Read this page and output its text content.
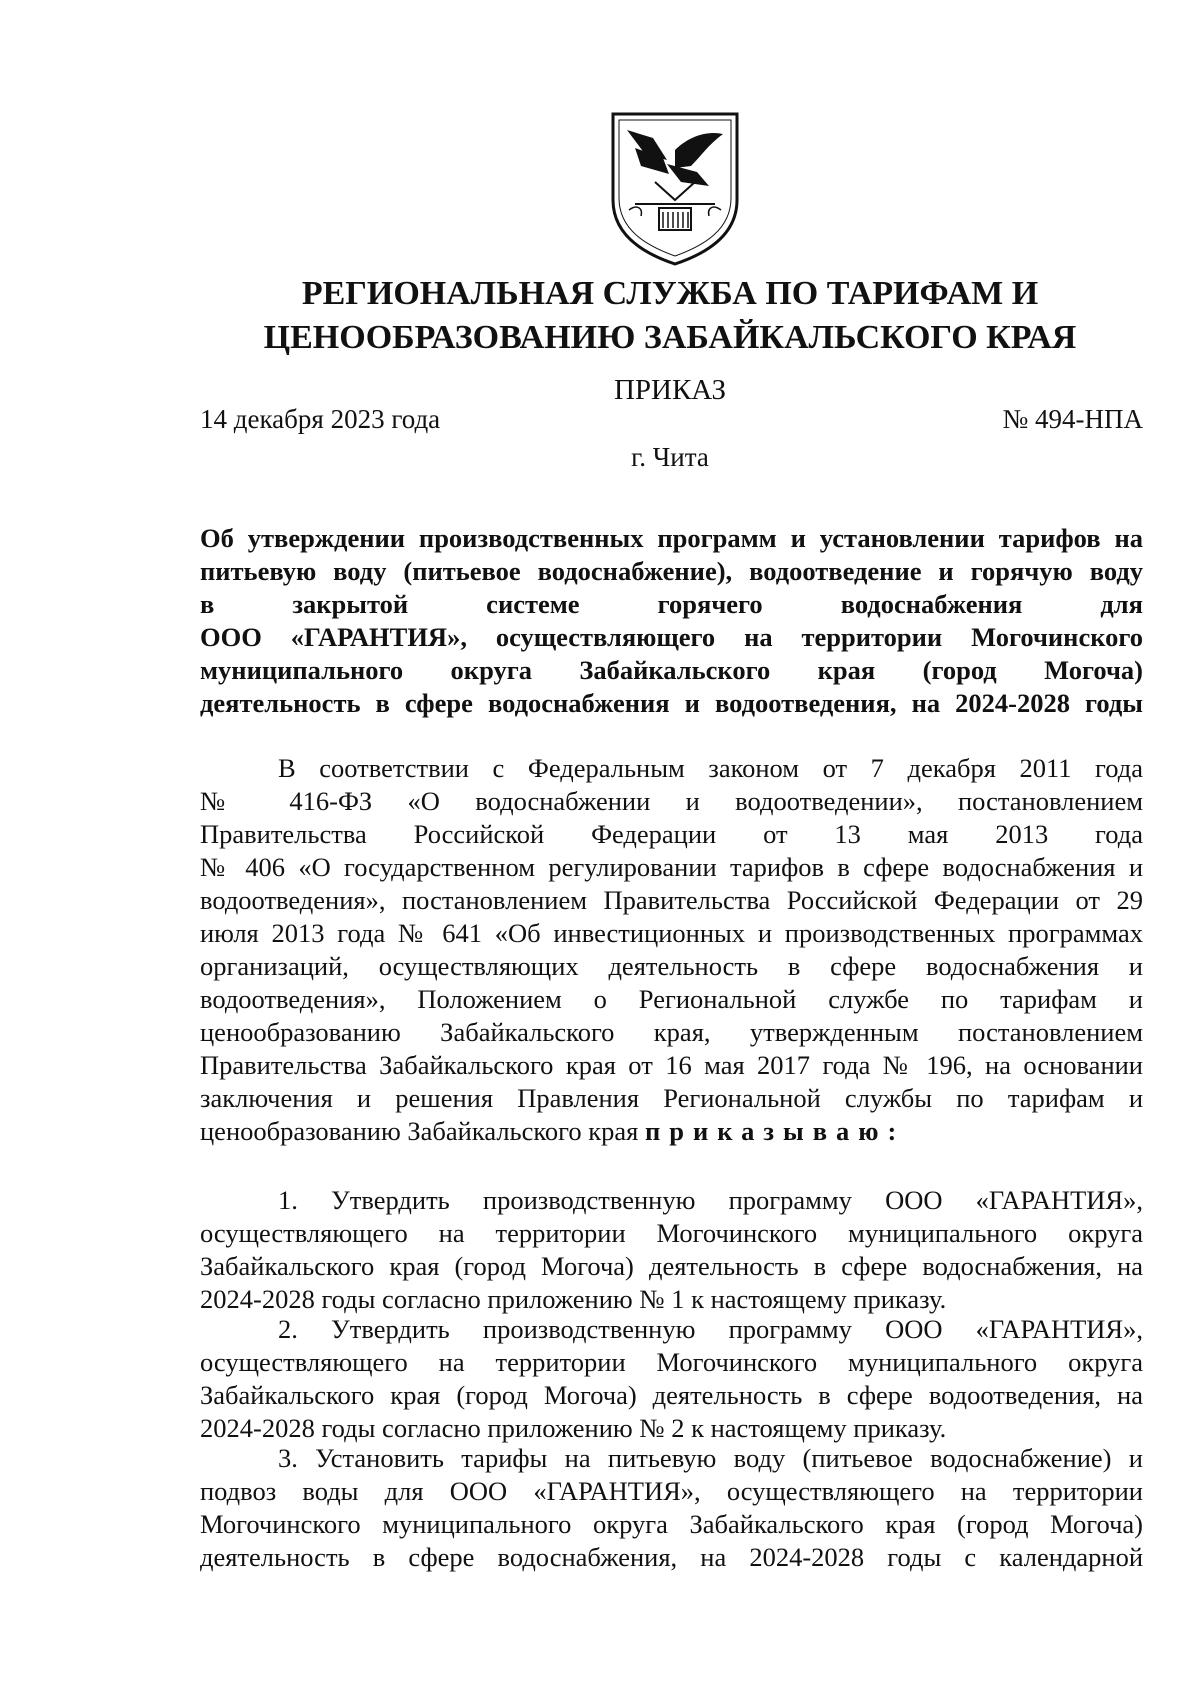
РЕГИОНАЛЬНАЯ СЛУЖБА ПО ТАРИФАМ И
ЦЕНООБРАЗОВАНИЮ ЗАБАЙКАЛЬСКОГО КРАЯ
ПРИКАЗ
14 декабря 2023 года	№ 494-НПА
г. Чита
Об утверждении производственных программ и установлении тарифов на
питьевую воду (питьевое водоснабжение), водоотведение и горячую воду
в закрытой системе горячего водоснабжения для
ООО «ГАРАНТИЯ», осуществляющего на территории Могочинского
муниципального округа Забайкальского края (город Могоча)
деятельность в сфере водоснабжения и водоотведения, на 2024-2028 годы
В соответствии с Федеральным законом от 7 декабря 2011 года
№ 416-ФЗ «О водоснабжении и водоотведении», постановлением
Правительства Российской Федерации от 13 мая 2013 года
№ 406 «О государственном регулировании тарифов в сфере водоснабжения и
водоотведения», постановлением Правительства Российской Федерации от 29
июля 2013 года № 641 «Об инвестиционных и производственных программах
организаций, осуществляющих деятельность в сфере водоснабжения и
водоотведения», Положением о Региональной службе по тарифам и
ценообразованию Забайкальского края, утвержденным постановлением
Правительства Забайкальского края от 16 мая 2017 года № 196, на основании
заключения и решения Правления Региональной службы по тарифам и
ценообразованию Забайкальского края приказываю:
1. Утвердить производственную программу ООО «ГАРАНТИЯ»,
осуществляющего на территории Могочинского муниципального округа
Забайкальского края (город Могоча) деятельность в сфере водоснабжения, на
2024-2028 годы согласно приложению № 1 к настоящему приказу.
2. Утвердить производственную программу ООО «ГАРАНТИЯ»,
осуществляющего на территории Могочинского муниципального округа
Забайкальского края (город Могоча) деятельность в сфере водоотведения, на
2024-2028 годы согласно приложению № 2 к настоящему приказу.
3. Установить тарифы на питьевую воду (питьевое водоснабжение) и
подвоз воды для ООО «ГАРАНТИЯ», осуществляющего на территории
Могочинского муниципального округа Забайкальского края (город Могоча)
деятельность в сфере водоснабжения, на 2024-2028 годы с календарной
